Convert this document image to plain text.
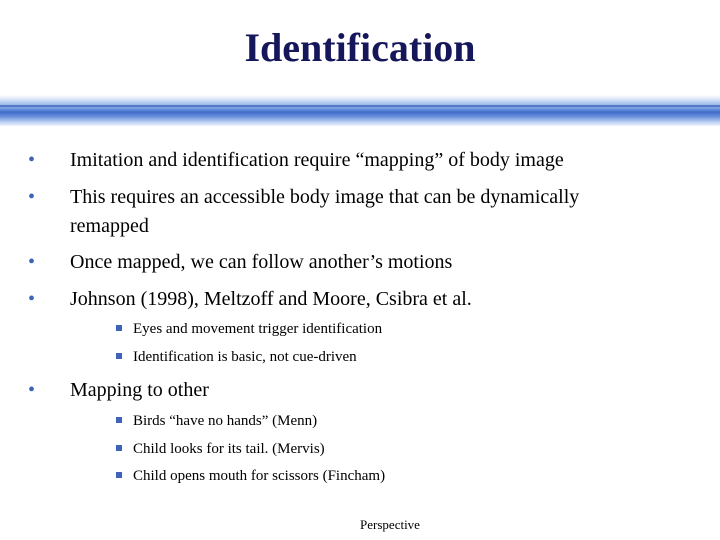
Identification
• Imitation and identification require “mapping” of body image
• This requires an accessible body image that can be dynamically remapped
• Once mapped, we can follow another’s motions
• Johnson (1998), Meltzoff and Moore, Csibra et al.
Eyes and movement trigger identification
Identification is basic, not cue-driven
• Mapping to other
Birds “have no hands” (Menn)
Child looks for its tail. (Mervis)
Child opens mouth for scissors (Fincham)
Perspective
